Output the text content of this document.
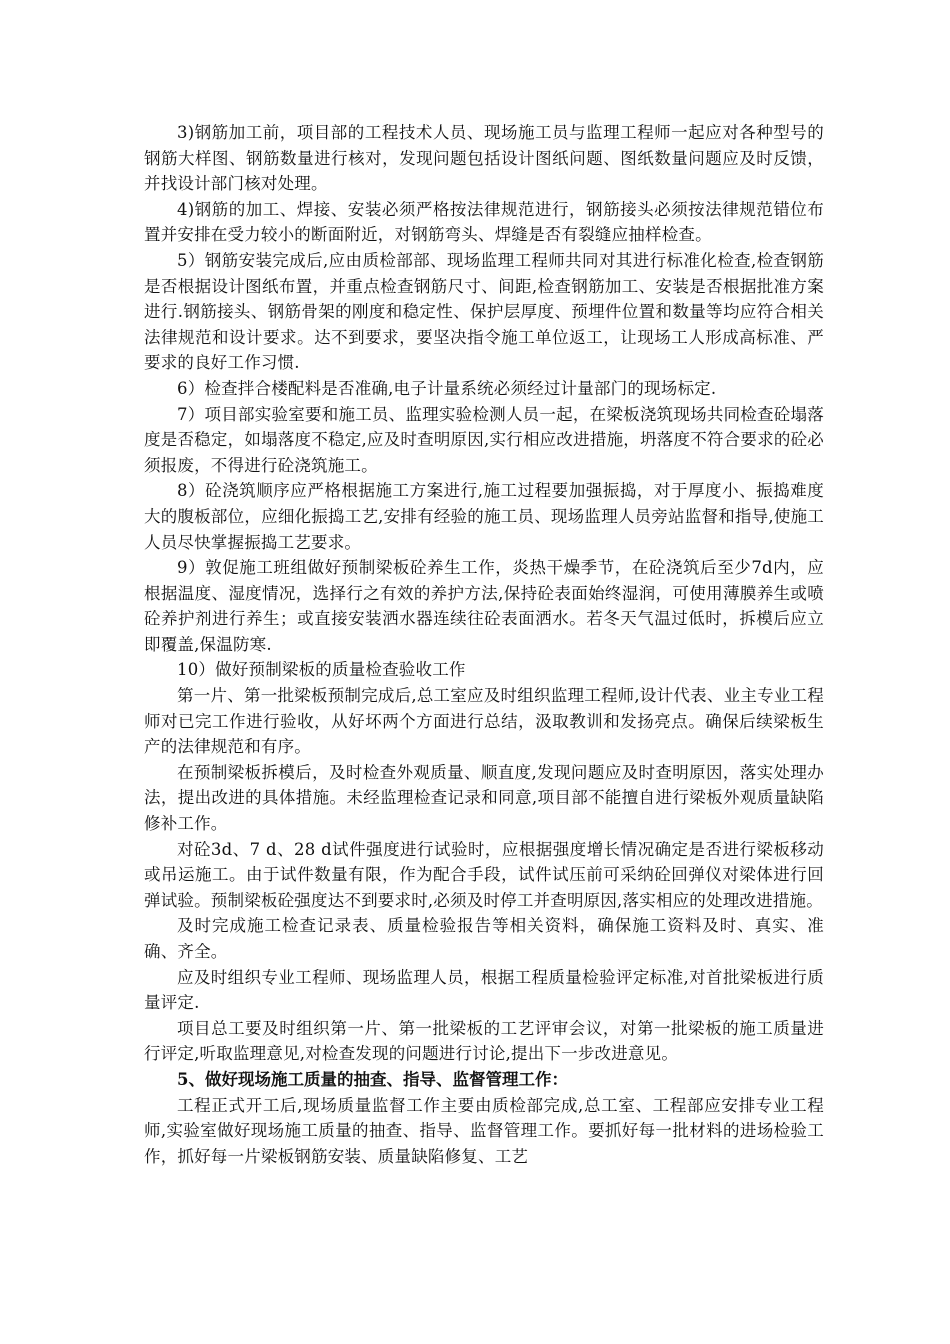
3)钢筋加工前，项目部的工程技术人员、现场施工员与监理工程师一起应对各种型号的钢筋大样图、钢筋数量进行核对，发现问题包括设计图纸问题、图纸数量问题应及时反馈，并找设计部门核对处理。

4)钢筋的加工、焊接、安装必须严格按法律规范进行，钢筋接头必须按法律规范错位布置并安排在受力较小的断面附近，对钢筋弯头、焊缝是否有裂缝应抽样检查。

5）钢筋安装完成后,应由质检部部、现场监理工程师共同对其进行标准化检查,检查钢筋是否根据设计图纸布置，并重点检查钢筋尺寸、间距,检查钢筋加工、安装是否根据批准方案进行.钢筋接头、钢筋骨架的刚度和稳定性、保护层厚度、预埋件位置和数量等均应符合相关法律规范和设计要求。达不到要求，要坚决指令施工单位返工，让现场工人形成高标准、严要求的良好工作习惯.

6）检查拌合楼配料是否准确,电子计量系统必须经过计量部门的现场标定.

7）项目部实验室要和施工员、监理实验检测人员一起，在梁板浇筑现场共同检查砼塌落度是否稳定，如塌落度不稳定,应及时查明原因,实行相应改进措施，坍落度不符合要求的砼必须报废，不得进行砼浇筑施工。

8）砼浇筑顺序应严格根据施工方案进行,施工过程要加强振捣，对于厚度小、振捣难度大的腹板部位，应细化振捣工艺,安排有经验的施工员、现场监理人员旁站监督和指导,使施工人员尽快掌握振捣工艺要求。

9）敦促施工班组做好预制梁板砼养生工作，炎热干燥季节，在砼浇筑后至少7d内，应根据温度、湿度情况，选择行之有效的养护方法,保持砼表面始终湿润，可使用薄膜养生或喷砼养护剂进行养生；或直接安装洒水器连续往砼表面洒水。若冬天气温过低时，拆模后应立即覆盖,保温防寒.

10）做好预制梁板的质量检查验收工作

第一片、第一批梁板预制完成后,总工室应及时组织监理工程师,设计代表、业主专业工程师对已完工作进行验收，从好坏两个方面进行总结，汲取教训和发扬亮点。确保后续梁板生产的法律规范和有序。

在预制梁板拆模后，及时检查外观质量、顺直度,发现问题应及时查明原因，落实处理办法，提出改进的具体措施。未经监理检查记录和同意,项目部不能擅自进行梁板外观质量缺陷修补工作。

对砼3d、7 d、28 d试件强度进行试验时，应根据强度增长情况确定是否进行梁板移动或吊运施工。由于试件数量有限，作为配合手段，试件试压前可采纳砼回弹仪对梁体进行回弹试验。预制梁板砼强度达不到要求时,必须及时停工并查明原因,落实相应的处理改进措施。

及时完成施工检查记录表、质量检验报告等相关资料，确保施工资料及时、真实、准确、齐全。

应及时组织专业工程师、现场监理人员，根据工程质量检验评定标准,对首批梁板进行质量评定.

项目总工要及时组织第一片、第一批梁板的工艺评审会议，对第一批梁板的施工质量进行评定,听取监理意见,对检查发现的问题进行讨论,提出下一步改进意见。

5、做好现场施工质量的抽查、指导、监督管理工作：

工程正式开工后,现场质量监督工作主要由质检部完成,总工室、工程部应安排专业工程师,实验室做好现场施工质量的抽查、指导、监督管理工作。要抓好每一批材料的进场检验工作，抓好每一片梁板钢筋安装、质量缺陷修复、工艺
